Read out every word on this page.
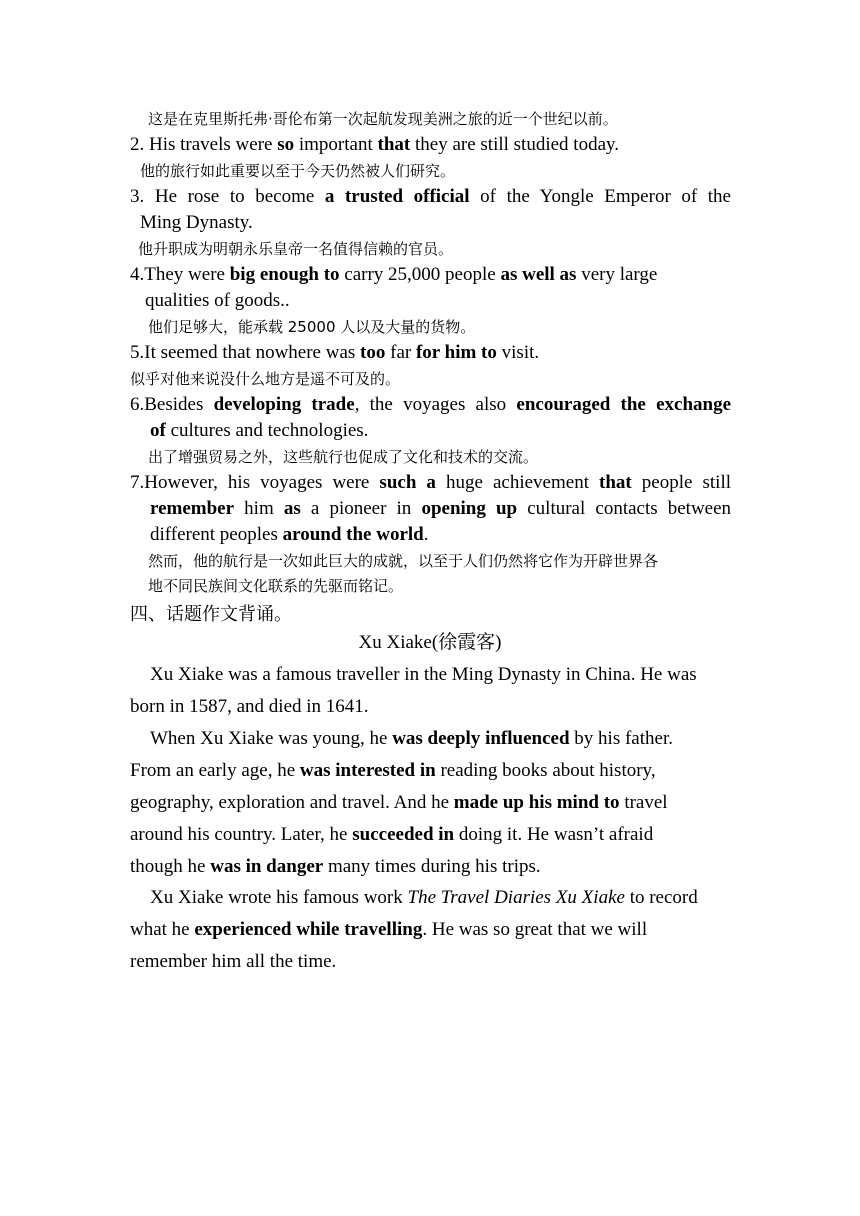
这是在克里斯托弗·哥伦布第一次起航发现美洲之旅的近一个世纪以前。
2. His travels were so important that they are still studied today.
他的旅行如此重要以至于今天仍然被人们研究。
3. He rose to become a trusted official of the Yongle Emperor of the
Ming Dynasty.
他升职成为明朝永乐皇帝一名值得信赖的官员。
4.They were big enough to carry 25,000 people as well as very large
qualities of goods..
他们足够大，能承载 25000 人以及大量的货物。
5.It seemed that nowhere was too far for him to visit.
似乎对他来说没什么地方是遥不可及的。
6.Besides developing trade, the voyages also encouraged the exchange
of cultures and technologies.
出了增强贸易之外，这些航行也促成了文化和技术的交流。
7.However, his voyages were such a huge achievement that people still
remember him as a pioneer in opening up cultural contacts between
different peoples around the world.
然而，他的航行是一次如此巨大的成就，以至于人们仍然将它作为开辟世界各
地不同民族间文化联系的先驱而铭记。
四、话题作文背诵。
Xu Xiake(徐霞客)
Xu Xiake was a famous traveller in the Ming Dynasty in China. He was born in 1587, and died in 1641.
When Xu Xiake was young, he was deeply influenced by his father. From an early age, he was interested in reading books about history, geography, exploration and travel. And he made up his mind to travel around his country. Later, he succeeded in doing it. He wasn’t afraid though he was in danger many times during his trips.
Xu Xiake wrote his famous work The Travel Diaries Xu Xiake to record what he experienced while travelling. He was so great that we will remember him all the time.
